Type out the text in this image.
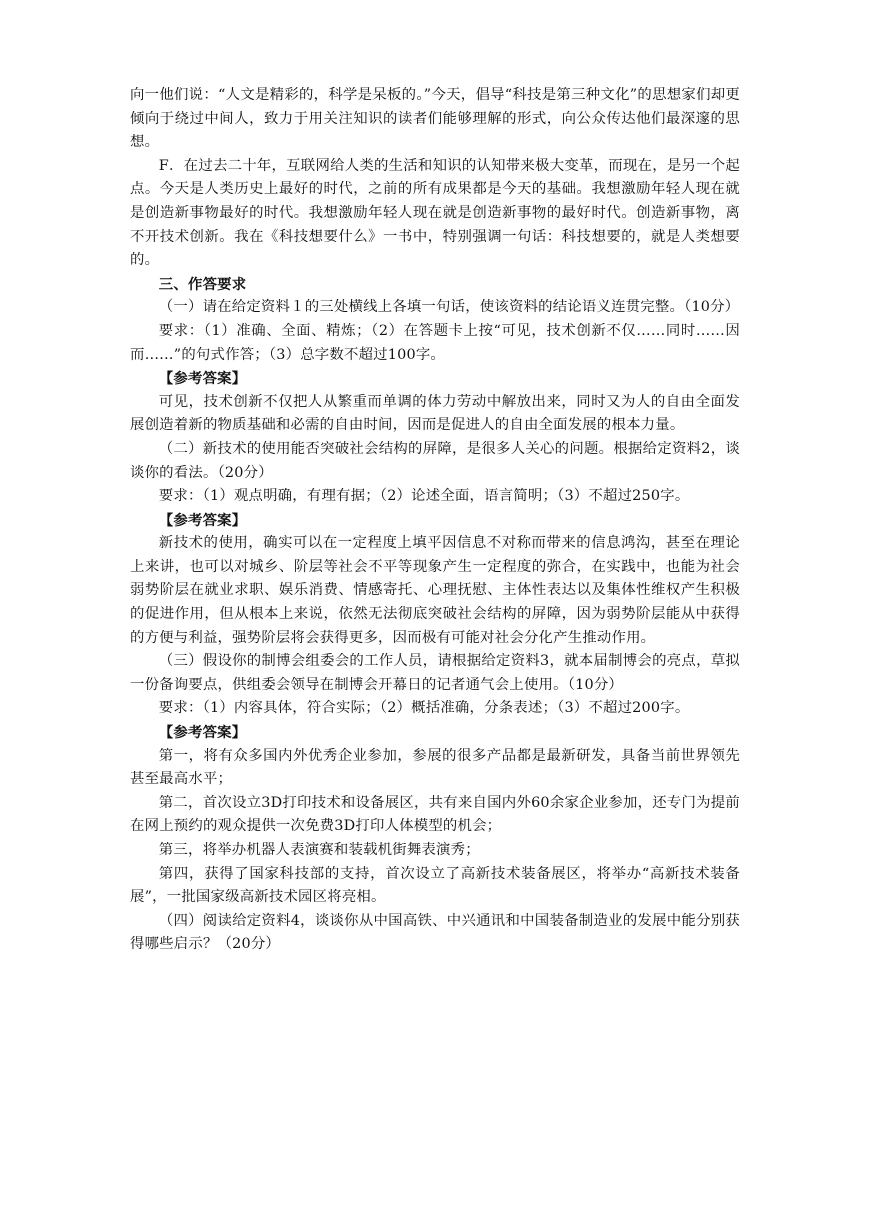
向一他们说：“人文是精彩的，科学是呆板的。”今天，倡导“科技是第三种文化”的思想家们却更倾向于绕过中间人，致力于用关注知识的读者们能够理解的形式，向公众传达他们最深邃的思想。

F．在过去二十年，互联网给人类的生活和知识的认知带来极大变革，而现在，是另一个起点。今天是人类历史上最好的时代，之前的所有成果都是今天的基础。我想激励年轻人现在就是创造新事物最好的时代。我想激励年轻人现在就是创造新事物的最好时代。创造新事物，离不开技术创新。我在《科技想要什么》一书中，特别强调一句话：科技想要的，就是人类想要的。

三、作答要求

（一）请在给定资料１的三处横线上各填一句话，使该资料的结论语义连贯完整。（10分）

要求：（1）准确、全面、精炼；（2）在答题卡上按“可见，技术创新不仅……同时……因而……”的句式作答；（3）总字数不超过100字。

【参考答案】

可见，技术创新不仅把人从繁重而单调的体力劳动中解放出来，同时又为人的自由全面发展创造着新的物质基础和必需的自由时间，因而是促进人的自由全面发展的根本力量。

（二）新技术的使用能否突破社会结构的屏障，是很多人关心的问题。根据给定资料2，谈谈你的看法。（20分）

要求：（1）观点明确，有理有据；（2）论述全面，语言简明；（3）不超过250字。

【参考答案】

新技术的使用，确实可以在一定程度上填平因信息不对称而带来的信息鸿沟，甚至在理论上来讲，也可以对城乡、阶层等社会不平等现象产生一定程度的弥合，在实践中，也能为社会弱势阶层在就业求职、娱乐消费、情感寄托、心理抚慰、主体性表达以及集体性维权产生积极的促进作用，但从根本上来说，依然无法彻底突破社会结构的屏障，因为弱势阶层能从中获得的方便与利益，强势阶层将会获得更多，因而极有可能对社会分化产生推动作用。

（三）假设你的制博会组委会的工作人员，请根据给定资料3，就本届制博会的亮点，草拟一份备询要点，供组委会领导在制博会开幕日的记者通气会上使用。（10分）

要求：（1）内容具体，符合实际；（2）概括准确，分条表述；（3）不超过200字。

【参考答案】

第一，将有众多国内外优秀企业参加，参展的很多产品都是最新研发，具备当前世界领先甚至最高水平；

第二，首次设立3D打印技术和设备展区，共有来自国内外60余家企业参加，还专门为提前在网上预约的观众提供一次免费3D打印人体模型的机会；

第三，将举办机器人表演赛和装载机街舞表演秀；

第四，获得了国家科技部的支持，首次设立了高新技术装备展区，将举办“高新技术装备展”，一批国家级高新技术园区将亮相。

（四）阅读给定资料4，谈谈你从中国高铁、中兴通讯和中国装备制造业的发展中能分别获得哪些启示？（20分）
